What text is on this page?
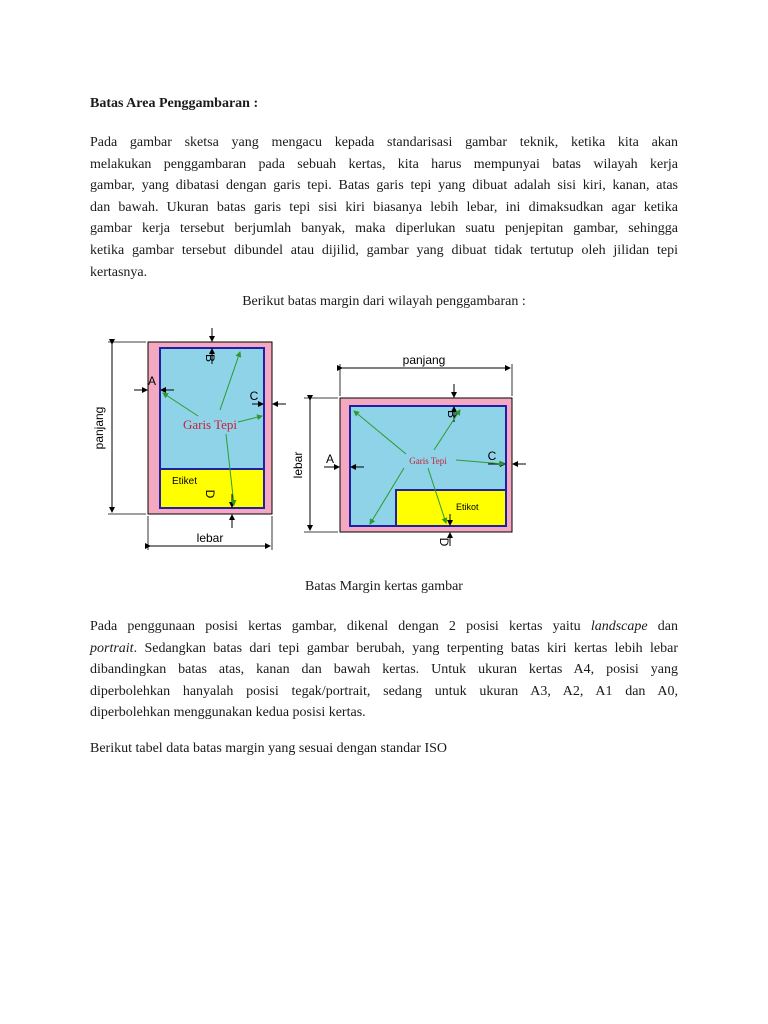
Batas Area Penggambaran :
Pada gambar sketsa yang mengacu kepada standarisasi gambar teknik, ketika kita akan
melakukan penggambaran pada sebuah kertas, kita harus mempunyai batas wilayah kerja
gambar, yang dibatasi dengan garis tepi. Batas garis tepi yang dibuat adalah sisi kiri, kanan, atas
dan bawah. Ukuran batas garis tepi sisi kiri biasanya lebih lebar, ini dimaksudkan agar ketika
gambar kerja tersebut berjumlah banyak, maka diperlukan suatu penjepitan gambar, sehingga
ketika gambar tersebut dibundel atau dijilid, gambar yang dibuat tidak tertutup oleh jilidan tepi
kertasnya.
Berikut batas margin dari wilayah penggambaran :
panjang
lebar
A
B
C
D
Garis Tepi
Etiket
panjang
lebar A
B
C
D
Garis Tepi
Etikot
Batas Margin kertas gambar
Pada penggunaan posisi kertas gambar, dikenal dengan 2 posisi kertas yaitu landscape dan
portrait. Sedangkan batas dari tepi gambar berubah, yang terpenting batas kiri kertas lebih lebar
dibandingkan batas atas, kanan dan bawah kertas. Untuk ukuran kertas A4, posisi yang
diperbolehkan hanyalah posisi tegak/portrait, sedang untuk ukuran A3, A2, A1 dan A0,
diperbolehkan menggunakan kedua posisi kertas.
Berikut tabel data batas margin yang sesuai dengan standar ISO
